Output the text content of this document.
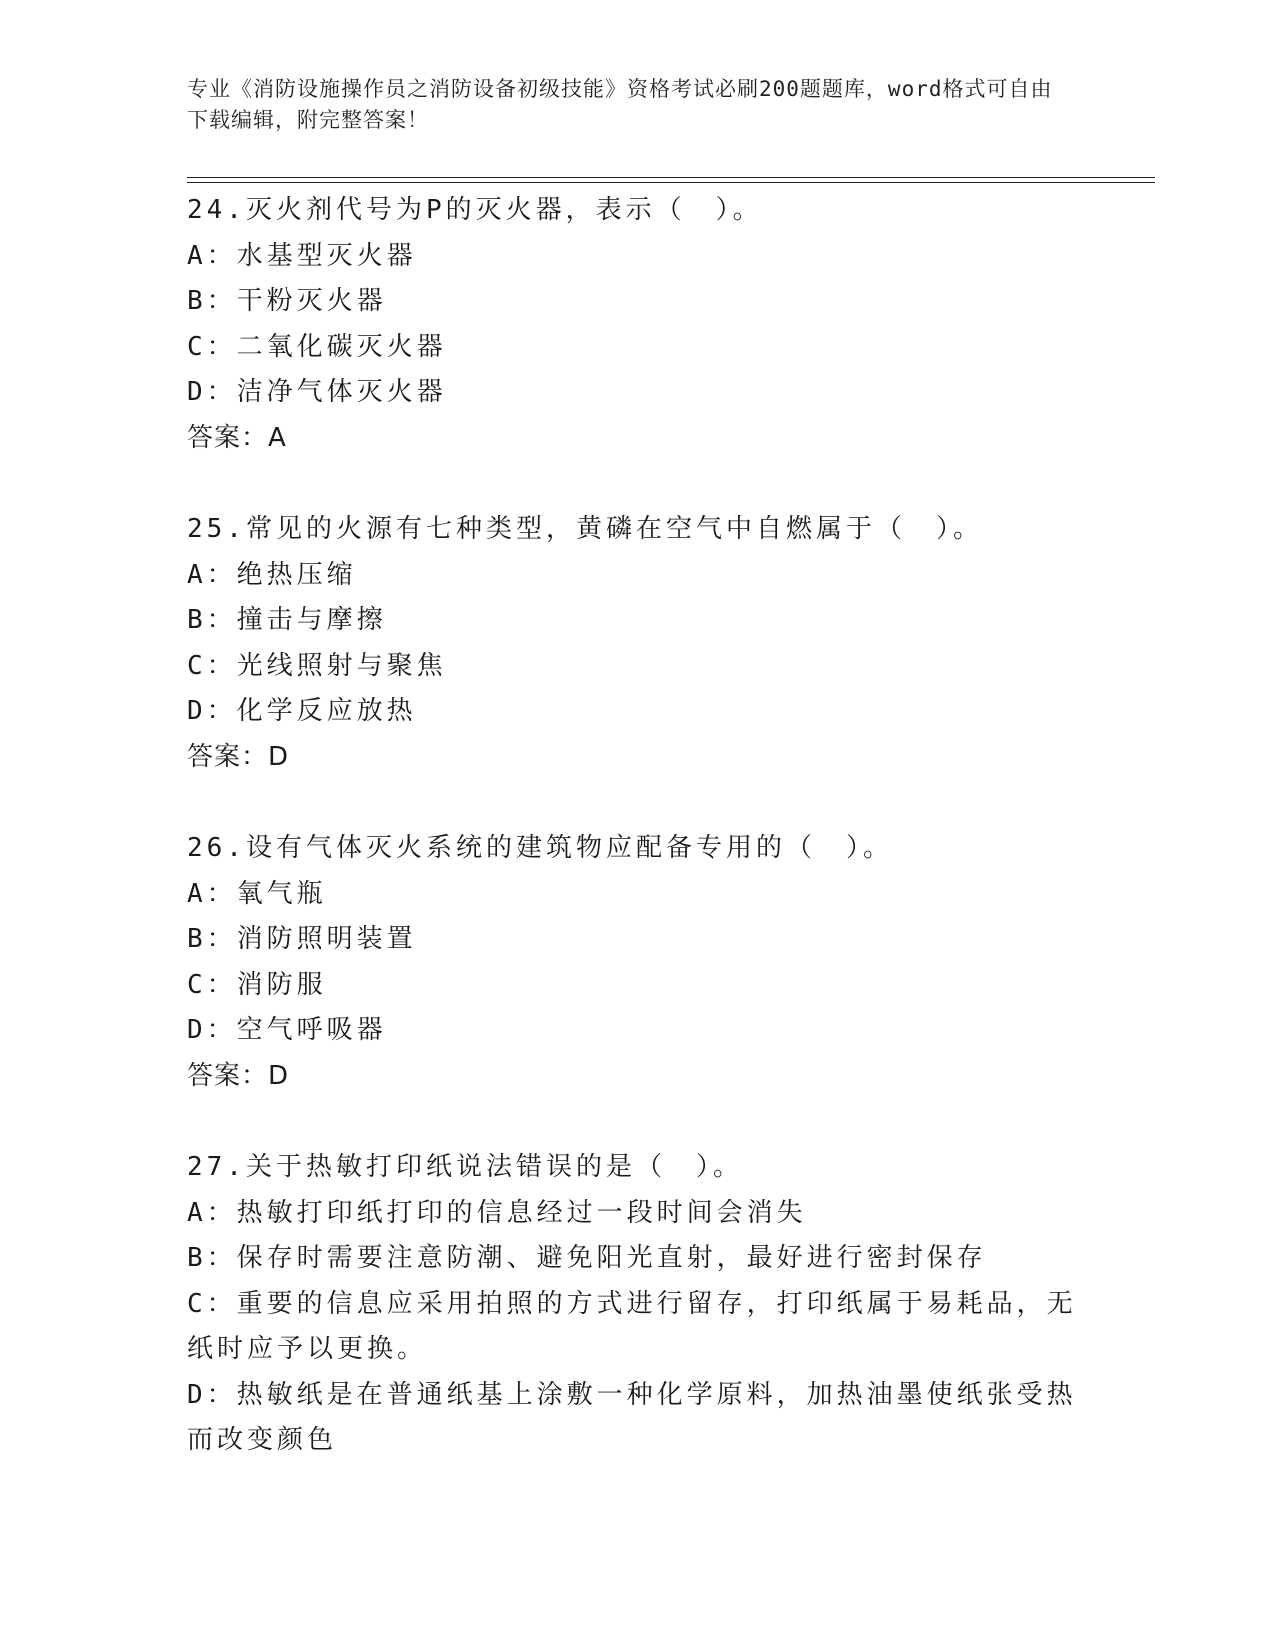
专业《消防设施操作员之消防设备初级技能》资格考试必刷200题题库，word格式可自由下载编辑，附完整答案！
24.灭火剂代号为P的灭火器，表示（　）。
A：水基型灭火器
B：干粉灭火器
C：二氧化碳灭火器
D：洁净气体灭火器
答案：A
25.常见的火源有七种类型，黄磷在空气中自燃属于（　）。
A：绝热压缩
B：撞击与摩擦
C：光线照射与聚焦
D：化学反应放热
答案：D
26.设有气体灭火系统的建筑物应配备专用的（　）。
A：氧气瓶
B：消防照明装置
C：消防服
D：空气呼吸器
答案：D
27.关于热敏打印纸说法错误的是（　）。
A：热敏打印纸打印的信息经过一段时间会消失
B：保存时需要注意防潮、避免阳光直射，最好进行密封保存
C：重要的信息应采用拍照的方式进行留存，打印纸属于易耗品，无纸时应予以更换。
D：热敏纸是在普通纸基上涂敷一种化学原料，加热油墨使纸张受热而改变颜色
